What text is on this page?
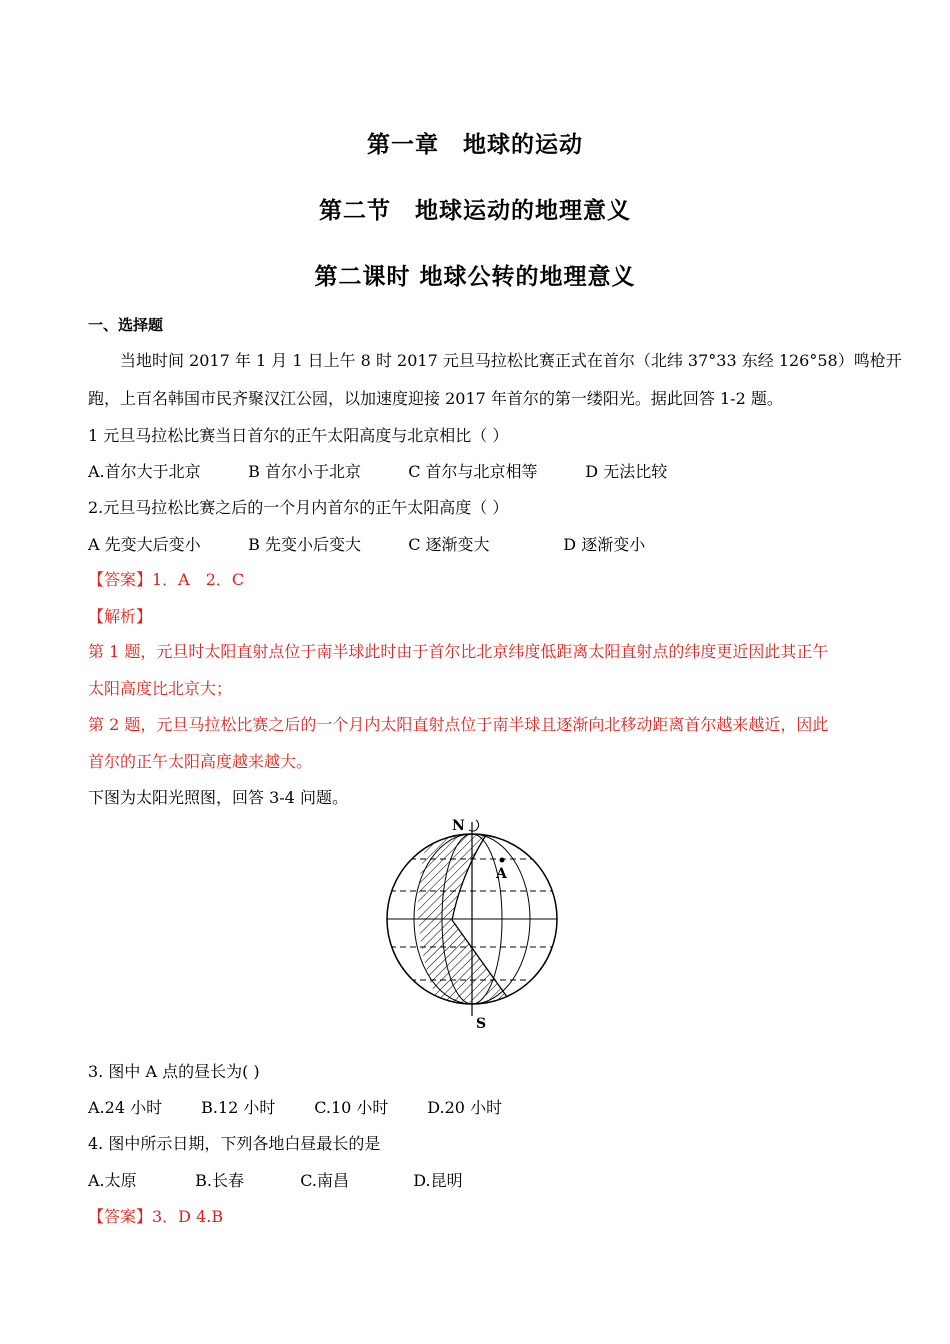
第一章　地球的运动
第二节　地球运动的地理意义
第二课时 地球公转的地理意义
一、选择题
当地时间 2017 年 1 月 1 日上午 8 时 2017 元旦马拉松比赛正式在首尔（北纬 37°33 东经 126°58）鸣枪开
跑，上百名韩国市民齐聚汉江公园，以加速度迎接 2017 年首尔的第一缕阳光。据此回答 1-2 题。
1 元旦马拉松比赛当日首尔的正午太阳高度与北京相比（ ）
A.首尔大于北京	B 首尔小于北京	C 首尔与北京相等	D 无法比较
2.元旦马拉松比赛之后的一个月内首尔的正午太阳高度（ ）
A 先变大后变小	B 先变小后变大	C 逐渐变大	D 逐渐变小
【答案】1．A　2．C
【解析】
第 1 题，元旦时太阳直射点位于南半球此时由于首尔比北京纬度低距离太阳直射点的纬度更近因此其正午
太阳高度比北京大；
第 2 题，元旦马拉松比赛之后的一个月内太阳直射点位于南半球且逐渐向北移动距离首尔越来越近，因此
首尔的正午太阳高度越来越大。
下图为太阳光照图，回答 3-4 问题。
N
S
A
3. 图中 A 点的昼长为( )
A.24 小时 B.12 小时 C.10 小时 D.20 小时
4. 图中所示日期，下列各地白昼最长的是
A.太原	B.长春	C.南昌	D.昆明
【答案】3．D 4.B
